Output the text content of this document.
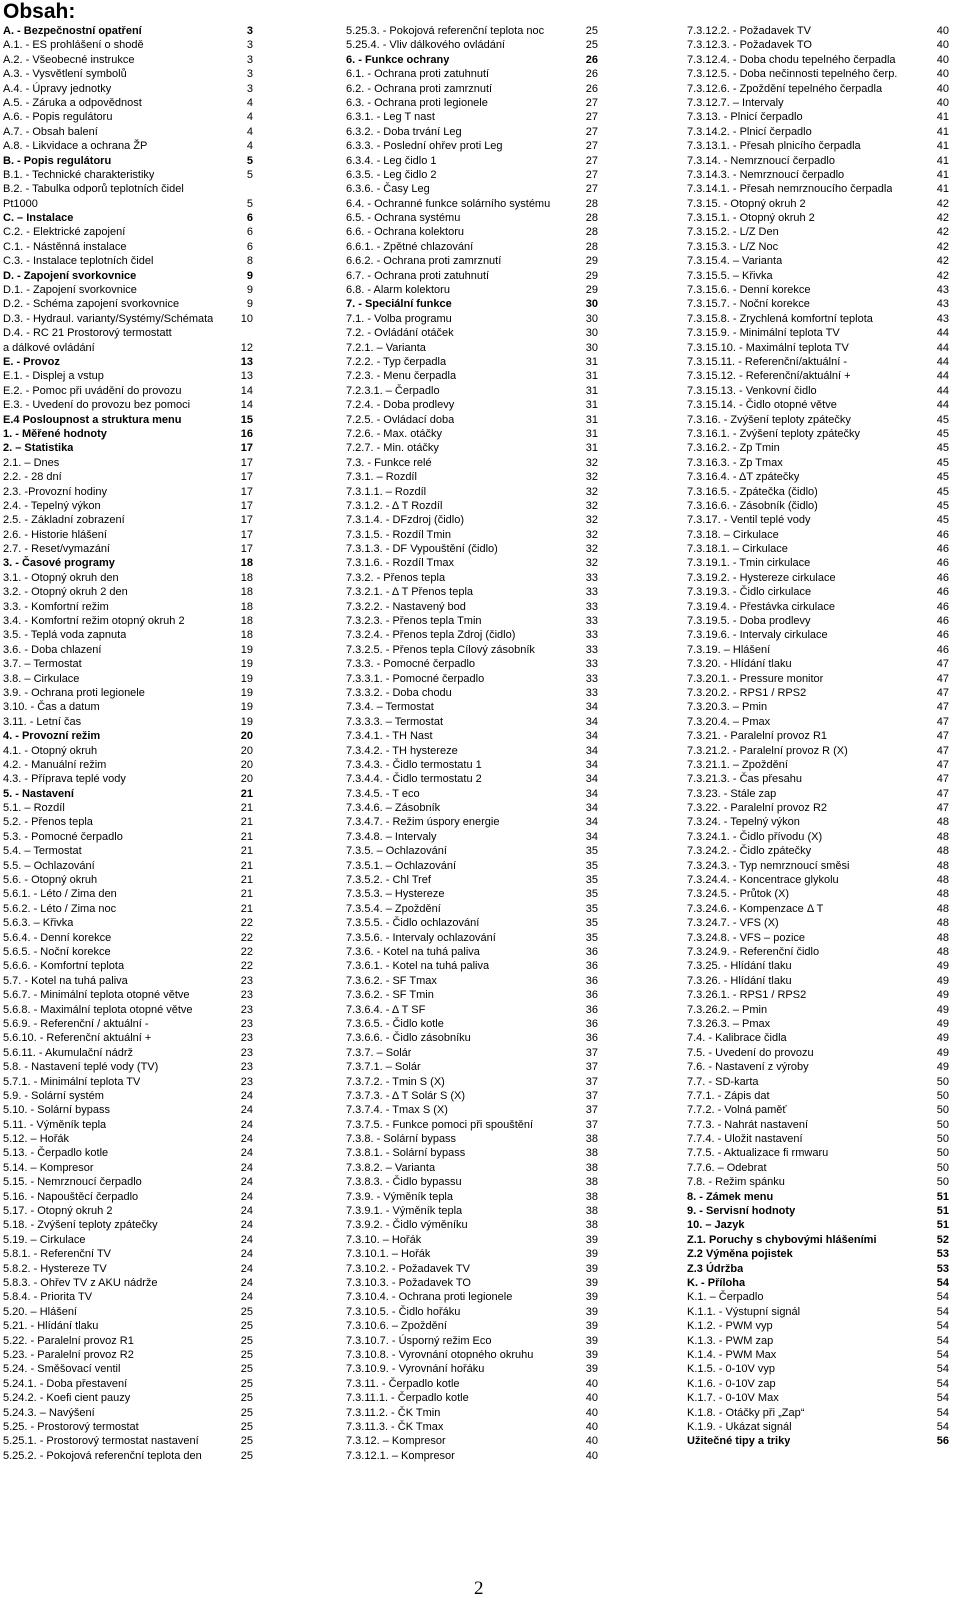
Obsah:
A. - Bezpečnostní opatření	3
A.1. - ES prohlášení o shodě	3
A.2. - Všeobecné instrukce	3
A.3. - Vysvětlení symbolů	3
A.4. - Úpravy jednotky	3
A.5. - Záruka a odpovědnost	4
A.6. - Popis regulátoru	4
A.7. - Obsah balení	4
A.8. - Likvidace a ochrana ŽP	4
B. - Popis regulátoru	5
B.1. - Technické charakteristiky	5
B.2. - Tabulka odporů teplotních čidel
Pt1000	5
C. – Instalace	6
C.2. - Elektrické zapojení	6
C.1. - Nástěnná instalace	6
C.3. - Instalace teplotních čidel	8
D. - Zapojení svorkovnice	9
D.1. - Zapojení svorkovnice	9
D.2. - Schéma zapojení svorkovnice	9
D.3. - Hydraul. varianty/Systémy/Schémata	10
D.4. - RC 21 Prostorový termostatt
a dálkové ovládání	12
E. - Provoz	13
E.1. - Displej a vstup	13
E.2. - Pomoc při uvádění do provozu	14
E.3. - Uvedení do provozu bez pomoci	14
E.4 Posloupnost a struktura menu	15
1. - Měřené hodnoty	16
2. – Statistika	17
2.1. – Dnes	17
2.2. - 28 dní	17
2.3. -Provozní hodiny	17
2.4. - Tepelný výkon	17
2.5. - Základní zobrazení	17
2.6. - Historie hlášení	17
2.7. - Reset/vymazání	17
3. - Časové programy	18
3.1. - Otopný okruh den	18
3.2. - Otopný okruh 2 den	18
3.3. - Komfortní režim	18
3.4. - Komfortní režim otopný okruh 2	18
3.5. - Teplá voda zapnuta	18
3.6. - Doba chlazení	19
3.7. – Termostat	19
3.8. – Cirkulace	19
3.9. - Ochrana proti legionele	19
3.10. - Čas a datum	19
3.11. - Letní čas	19
4. - Provozní režim	20
4.1. - Otopný okruh	20
4.2. - Manuální režim	20
4.3. - Příprava teplé vody	20
5. - Nastavení	21
5.1. – Rozdíl	21
5.2. - Přenos tepla	21
5.3. - Pomocné čerpadlo	21
5.4. – Termostat	21
5.5. – Ochlazování	21
5.6. - Otopný okruh	21
5.6.1. - Léto / Zima den	21
5.6.2. - Léto / Zima noc	21
5.6.3. – Křivka	22
5.6.4. - Denní korekce	22
5.6.5. - Noční korekce	22
5.6.6. - Komfortní teplota	22
5.7. - Kotel na tuhá paliva	23
5.6.7. - Minimální teplota otopné větve	23
5.6.8. - Maximální teplota otopné větve	23
5.6.9. - Referenční / aktuální -	23
5.6.10. - Referenční aktuální +	23
5.6.11. - Akumulační nádrž	23
5.8. - Nastavení teplé vody (TV)	23
5.7.1. - Minimální teplota TV	23
5.9. - Solární systém	24
5.10. - Solární bypass	24
5.11. - Výměník tepla	24
5.12. – Hořák	24
5.13. - Čerpadlo kotle	24
5.14. – Kompresor	24
5.15. - Nemrznoucí čerpadlo	24
5.16. - Napouštěcí čerpadlo	24
5.17. - Otopný okruh 2	24
5.18. - Zvýšení teploty zpátečky	24
5.19. – Cirkulace	24
5.8.1. - Referenční TV	24
5.8.2. - Hystereze TV	24
5.8.3. - Ohřev TV z AKU nádrže	24
5.8.4. - Priorita TV	24
5.20. – Hlášení	25
5.21. - Hlídání tlaku	25
5.22. - Paralelní provoz R1	25
5.23. - Paralelní provoz R2	25
5.24. - Směšovací ventil	25
5.24.1. - Doba přestavení	25
5.24.2. - Koefi cient pauzy	25
5.24.3. – Navýšení	25
5.25. - Prostorový termostat	25
5.25.1. - Prostorový termostat nastavení	25
5.25.2. - Pokojová referenční teplota den	25
5.25.3. - Pokojová referenční teplota noc	25
5.25.4. - Vliv dálkového ovládání	25
6. - Funkce ochrany	26
6.1. - Ochrana proti zatuhnutí	26
6.2. - Ochrana proti zamrznutí	26
6.3. - Ochrana proti legionele	27
6.3.1. - Leg T nast	27
6.3.2. - Doba trvání Leg	27
6.3.3. - Poslední ohřev proti Leg	27
6.3.4. - Leg čidlo 1	27
6.3.5. - Leg čidlo 2	27
6.3.6. - Časy Leg	27
6.4. - Ochranné funkce solárního systému	28
6.5. - Ochrana systému	28
6.6. - Ochrana kolektoru	28
6.6.1. - Zpětné chlazování	28
6.6.2. - Ochrana proti zamrznutí	29
6.7. - Ochrana proti zatuhnutí	29
6.8. - Alarm kolektoru	29
7. - Speciální funkce	30
7.1. - Volba programu	30
7.2. - Ovládání otáček	30
7.2.1. – Varianta	30
7.2.2. - Typ čerpadla	31
7.2.3. - Menu čerpadla	31
7.2.3.1. – Čerpadlo	31
7.2.4. - Doba prodlevy	31
7.2.5. - Ovládací doba	31
7.2.6. - Max. otáčky	31
7.2.7. - Min. otáčky	31
7.3. - Funkce relé	32
7.3.1. – Rozdíl	32
7.3.1.1. – Rozdíl	32
7.3.1.2. - Δ T Rozdíl	32
7.3.1.4. - DFzdroj (čidlo)	32
7.3.1.5. - Rozdíl Tmin	32
7.3.1.3. - DF Vypouštění (čidlo)	32
7.3.1.6. - Rozdíl Tmax	32
7.3.2. - Přenos tepla	33
7.3.2.1. - Δ T Přenos tepla	33
7.3.2.2. - Nastavený bod	33
7.3.2.3. - Přenos tepla Tmin	33
7.3.2.4. - Přenos tepla Zdroj (čidlo)	33
7.3.2.5. - Přenos tepla Cílový zásobník	33
7.3.3. - Pomocné čerpadlo	33
7.3.3.1. - Pomocné čerpadlo	33
7.3.3.2. - Doba chodu	33
7.3.4. – Termostat	34
7.3.3.3. – Termostat	34
7.3.4.1. - TH Nast	34
7.3.4.2. - TH hystereze	34
7.3.4.3. - Čidlo termostatu 1	34
7.3.4.4. - Čidlo termostatu 2	34
7.3.4.5. - T eco	34
7.3.4.6. – Zásobník	34
7.3.4.7. - Režim úspory energie	34
7.3.4.8. – Intervaly	34
7.3.5. – Ochlazování	35
7.3.5.1. – Ochlazování	35
7.3.5.2. - Chl Tref	35
7.3.5.3. – Hystereze	35
7.3.5.4. – Zpoždění	35
7.3.5.5. - Čidlo ochlazování	35
7.3.5.6. - Intervaly ochlazování	35
7.3.6. - Kotel na tuhá paliva	36
7.3.6.1. - Kotel na tuhá paliva	36
7.3.6.2. - SF Tmax	36
7.3.6.2. - SF Tmin	36
7.3.6.4. - Δ T SF	36
7.3.6.5. - Čidlo kotle	36
7.3.6.6. - Čidlo zásobníku	36
7.3.7. – Solár	37
7.3.7.1. – Solár	37
7.3.7.2. - Tmin S (X)	37
7.3.7.3. - Δ T Solár S (X)	37
7.3.7.4. - Tmax S (X)	37
7.3.7.5. - Funkce pomoci při spouštění	37
7.3.8. - Solární bypass	38
7.3.8.1. - Solární bypass	38
7.3.8.2. – Varianta	38
7.3.8.3. - Čidlo bypassu	38
7.3.9. - Výměník tepla	38
7.3.9.1. - Výměník tepla	38
7.3.9.2. - Čidlo výměníku	38
7.3.10. – Hořák	39
7.3.10.1. – Hořák	39
7.3.10.2. - Požadavek TV	39
7.3.10.3. - Požadavek TO	39
7.3.10.4. - Ochrana proti legionele	39
7.3.10.5. - Čidlo hořáku	39
7.3.10.6. – Zpoždění	39
7.3.10.7. - Úsporný režim Eco	39
7.3.10.8. - Vyrovnání otopného okruhu	39
7.3.10.9. - Vyrovnání hořáku	39
7.3.11. - Čerpadlo kotle	40
7.3.11.1. - Čerpadlo kotle	40
7.3.11.2. - ČK Tmin	40
7.3.11.3. - ČK Tmax	40
7.3.12. – Kompresor	40
7.3.12.1. – Kompresor	40
7.3.12.2. - Požadavek TV	40
7.3.12.3. - Požadavek TO	40
7.3.12.4. - Doba chodu tepelného čerpadla	40
7.3.12.5. - Doba nečinnosti tepelného čerp.	40
7.3.12.6. - Zpoždění tepelného čerpadla	40
7.3.12.7. – Intervaly	40
7.3.13. - Plnicí čerpadlo	41
7.3.14.2. - Plnicí čerpadlo	41
7.3.13.1. - Přesah plnicího čerpadla	41
7.3.14. - Nemrznoucí čerpadlo	41
7.3.14.3. - Nemrznoucí čerpadlo	41
7.3.14.1. - Přesah nemrznoucího čerpadla	41
7.3.15. - Otopný okruh 2	42
7.3.15.1. - Otopný okruh 2	42
7.3.15.2. - L/Z Den	42
7.3.15.3. - L/Z Noc	42
7.3.15.4. – Varianta	42
7.3.15.5. – Křivka	42
7.3.15.6. - Denní korekce	43
7.3.15.7. - Noční korekce	43
7.3.15.8. - Zrychlená komfortní teplota	43
7.3.15.9. - Minimální teplota TV	44
7.3.15.10. - Maximální teplota TV	44
7.3.15.11. - Referenční/aktuální -	44
7.3.15.12. - Referenční/aktuální +	44
7.3.15.13. - Venkovní čidlo	44
7.3.15.14. - Čidlo otopné větve	44
7.3.16. - Zvýšení teploty zpátečky	45
7.3.16.1. - Zvýšení teploty zpátečky	45
7.3.16.2. - Zp Tmin	45
7.3.16.3. - Zp Tmax	45
7.3.16.4. - ΔT zpátečky	45
7.3.16.5. - Zpátečka (čidlo)	45
7.3.16.6. - Zásobník (čidlo)	45
7.3.17. - Ventil teplé vody	45
7.3.18. – Cirkulace	46
7.3.18.1. – Cirkulace	46
7.3.19.1. - Tmin cirkulace	46
7.3.19.2. - Hystereze cirkulace	46
7.3.19.3. - Čidlo cirkulace	46
7.3.19.4. - Přestávka cirkulace	46
7.3.19.5. - Doba prodlevy	46
7.3.19.6. - Intervaly cirkulace	46
7.3.19. – Hlášení	46
7.3.20. - Hlídání tlaku	47
7.3.20.1. - Pressure monitor	47
7.3.20.2. - RPS1 / RPS2	47
7.3.20.3. – Pmin	47
7.3.20.4. – Pmax	47
7.3.21. - Paralelní provoz R1	47
7.3.21.2. - Paralelní provoz R (X)	47
7.3.21.1. – Zpoždění	47
7.3.21.3. - Čas přesahu	47
7.3.23. - Stále zap	47
7.3.22. - Paralelní provoz R2	47
7.3.24. - Tepelný výkon	48
7.3.24.1. - Čidlo přívodu (X)	48
7.3.24.2. - Čidlo zpátečky	48
7.3.24.3. - Typ nemrznoucí směsi	48
7.3.24.4. - Koncentrace glykolu	48
7.3.24.5. - Průtok (X)	48
7.3.24.6. - Kompenzace Δ T	48
7.3.24.7. - VFS (X)	48
7.3.24.8. - VFS – pozice	48
7.3.24.9. - Referenční čidlo	48
7.3.25. - Hlídání tlaku	49
7.3.26. - Hlídání tlaku	49
7.3.26.1. - RPS1 / RPS2	49
7.3.26.2. – Pmin	49
7.3.26.3. – Pmax	49
7.4. - Kalibrace čidla	49
7.5. - Uvedení do provozu	49
7.6. - Nastavení z výroby	49
7.7. - SD-karta	50
7.7.1. - Zápis dat	50
7.7.2. - Volná paměť	50
7.7.3. - Nahrát nastavení	50
7.7.4. - Uložit nastavení	50
7.7.5. - Aktualizace fi rmwaru	50
7.7.6. – Odebrat	50
7.8. - Režim spánku	50
8. - Zámek menu	51
9. - Servisní hodnoty	51
10. – Jazyk	51
Z.1. Poruchy s chybovými hlášeními	52
Z.2 Výměna pojistek	53
Z.3 Údržba	53
K. - Příloha	54
K.1. – Čerpadlo	54
K.1.1. - Výstupní signál	54
K.1.2. - PWM vyp	54
K.1.3. - PWM zap	54
K.1.4. - PWM Max	54
K.1.5. - 0-10V vyp	54
K.1.6. - 0-10V zap	54
K.1.7. - 0-10V Max	54
K.1.8. - Otáčky při „Zap“	54
K.1.9. - Ukázat signál	54
Užitečné tipy a triky	56
2
